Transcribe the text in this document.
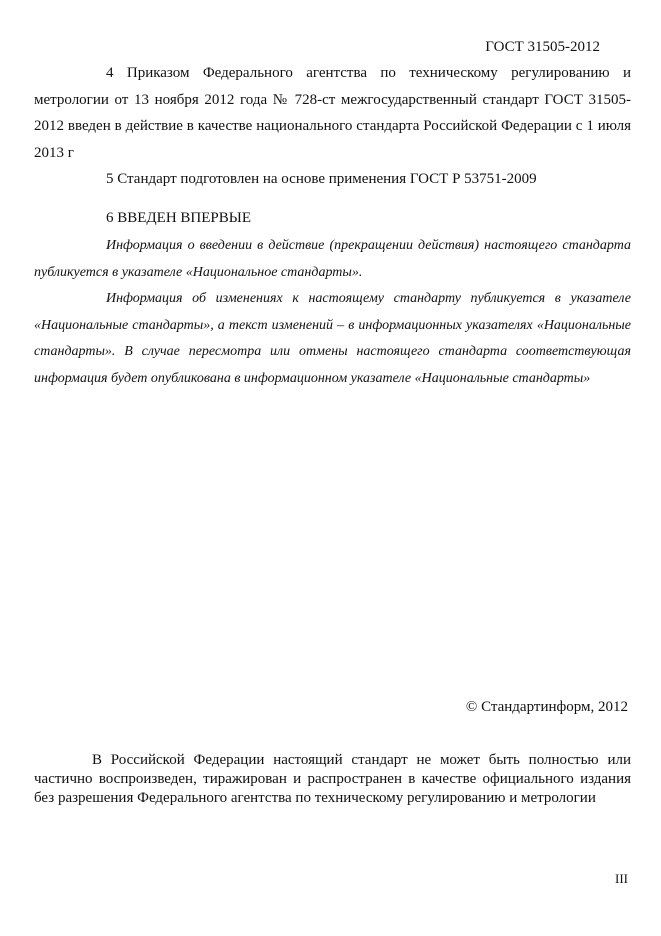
ГОСТ 31505-2012

4 Приказом Федерального агентства по техническому регулированию и метрологии от 13 ноября 2012 года № 728-ст межгосударственный стандарт ГОСТ 31505-2012 введен в действие в качестве национального стандарта Российской Федерации с 1 июля 2013 г

5 Стандарт подготовлен на основе применения ГОСТ Р 53751-2009

6 ВВЕДЕН ВПЕРВЫЕ

Информация о введении в действие (прекращении действия) настоящего стандарта публикуется в указателе «Национальное стандарты».

Информация об изменениях к настоящему стандарту публикуется в указателе «Национальные стандарты», а текст изменений – в информационных указателях «Национальные стандарты». В случае пересмотра или отмены настоящего стандарта соответствующая информация будет опубликована в информационном указателе «Национальные стандарты»

© Стандартинформ, 2012

В Российской Федерации настоящий стандарт не может быть полностью или частично воспроизведен, тиражирован и распространен в качестве официального издания без разрешения Федерального агентства по техническому регулированию и метрологии

III
